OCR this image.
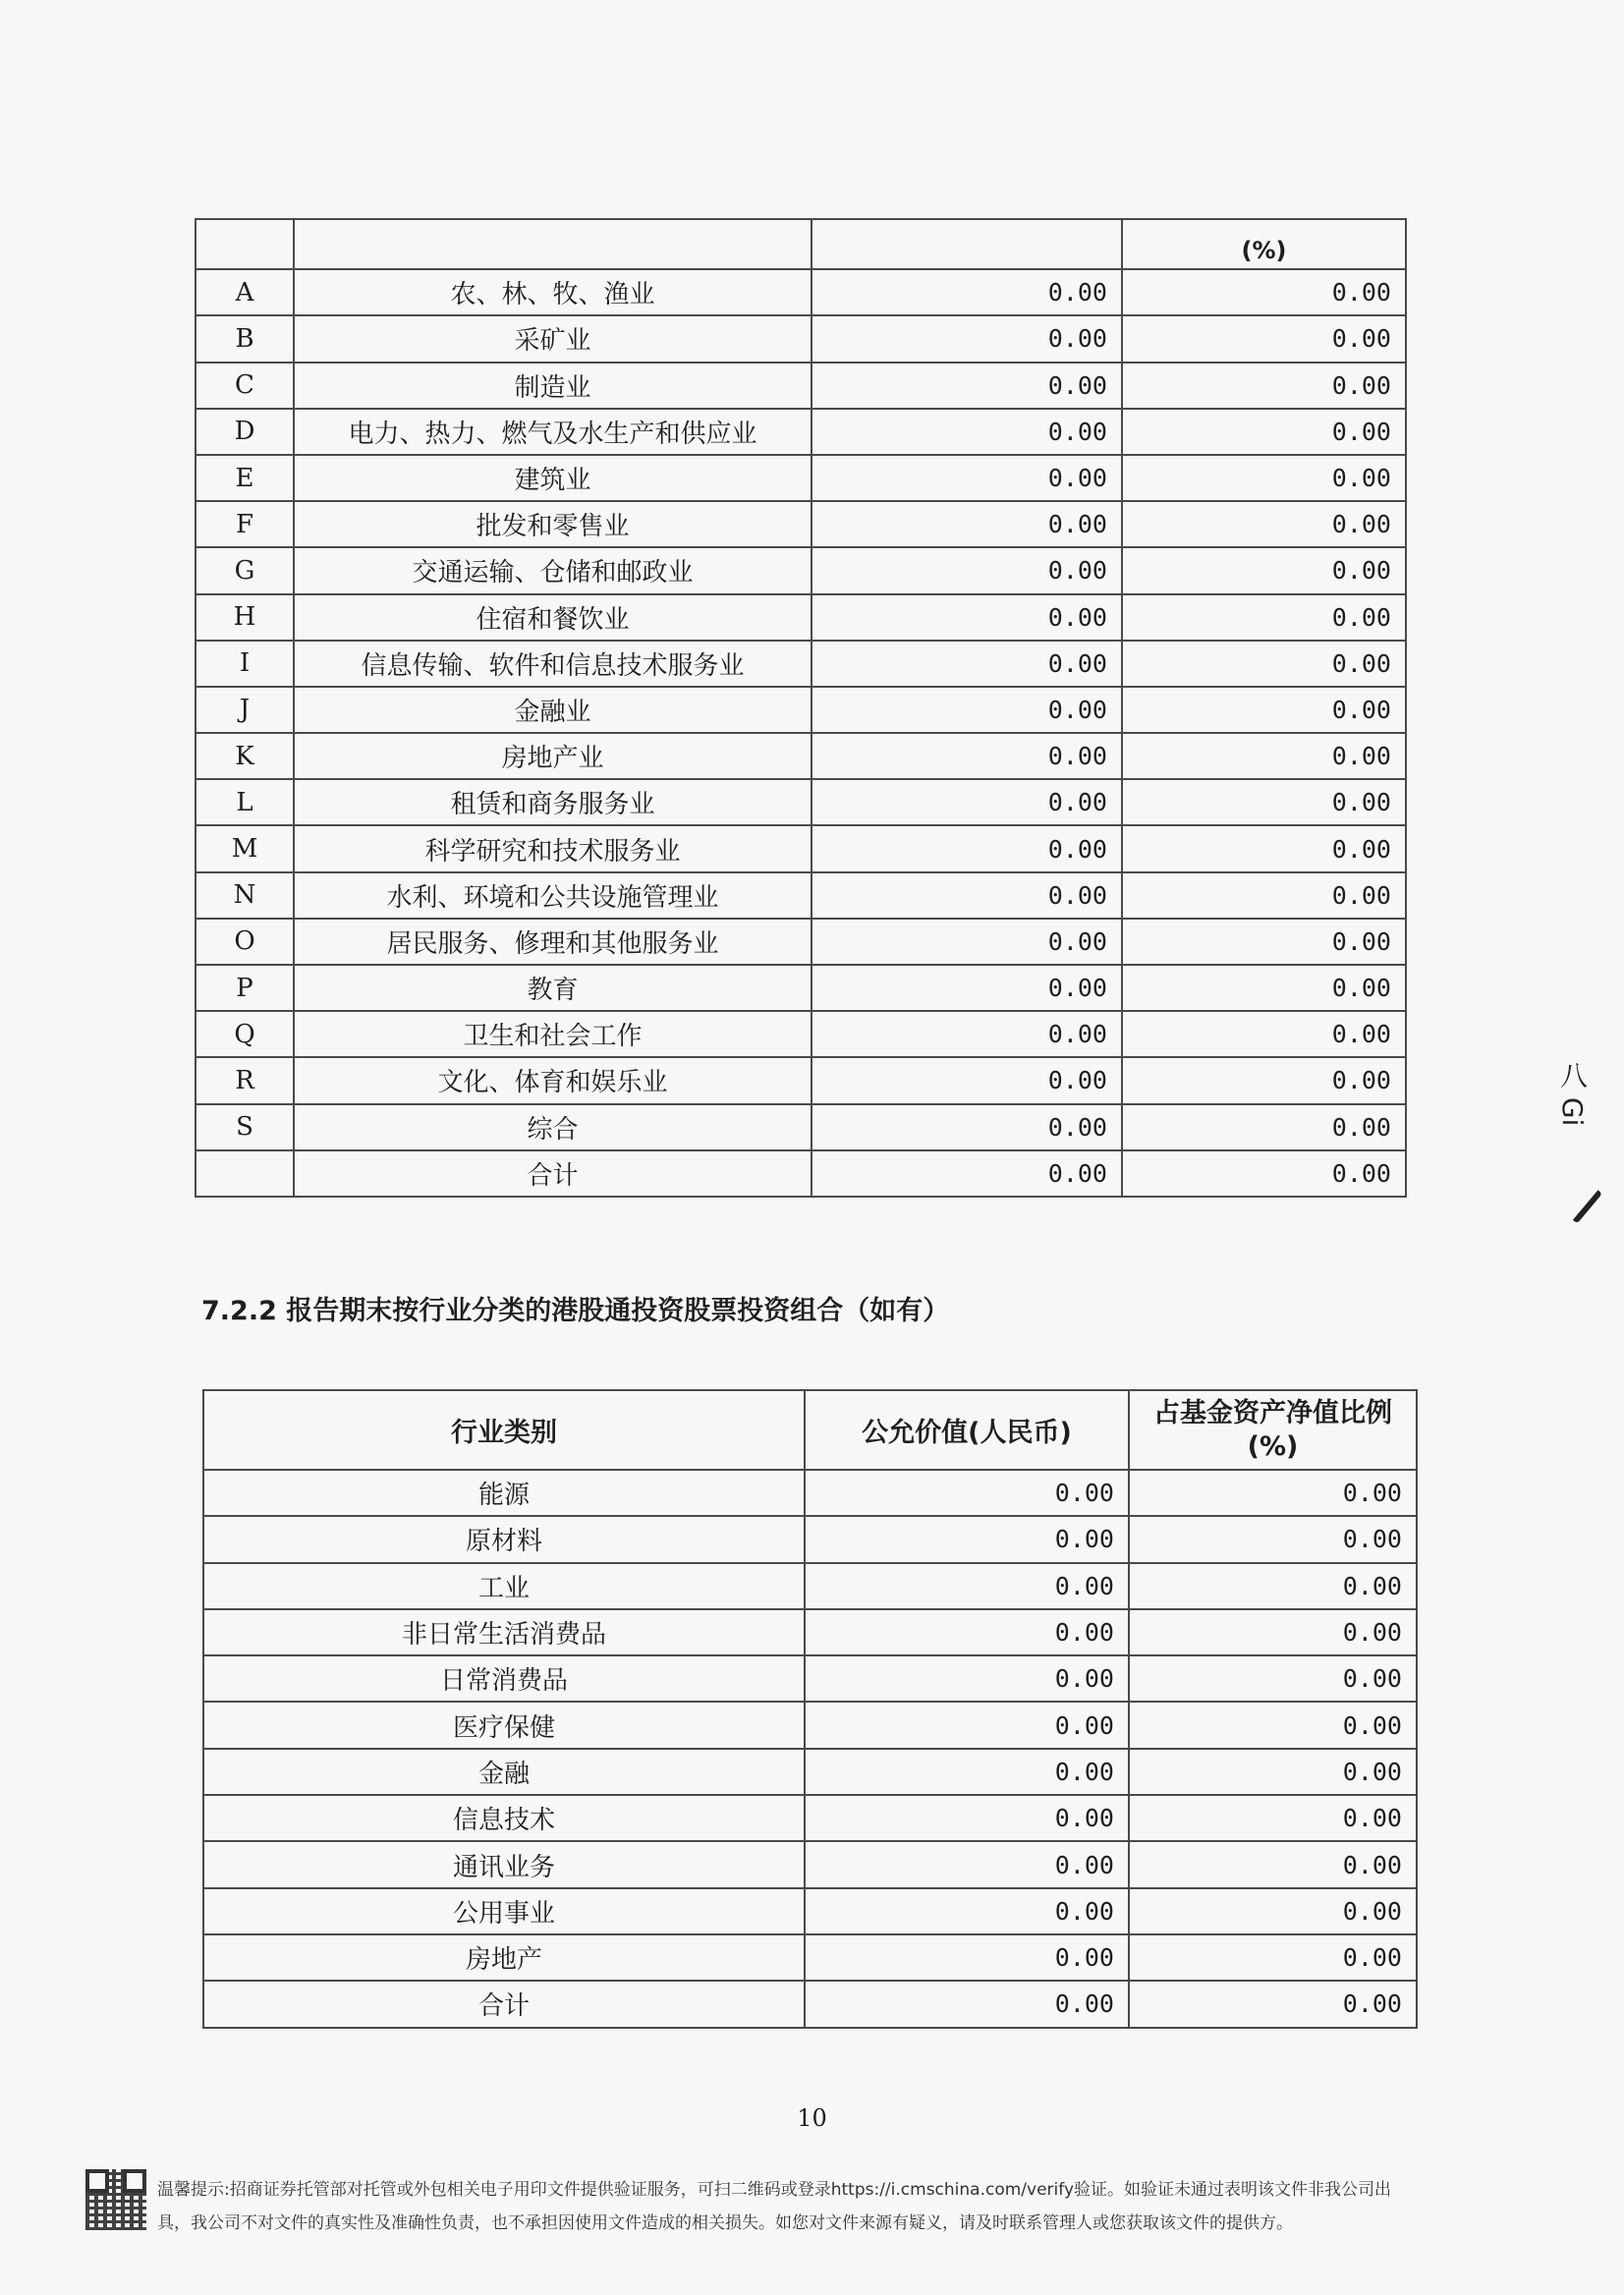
			(%)
A	农、林、牧、渔业	0.00	0.00
B	采矿业	0.00	0.00
C	制造业	0.00	0.00
D	电力、热力、燃气及水生产和供应业	0.00	0.00
E	建筑业	0.00	0.00
F	批发和零售业	0.00	0.00
G	交通运输、仓储和邮政业	0.00	0.00
H	住宿和餐饮业	0.00	0.00
I	信息传输、软件和信息技术服务业	0.00	0.00
J	金融业	0.00	0.00
K	房地产业	0.00	0.00
L	租赁和商务服务业	0.00	0.00
M	科学研究和技术服务业	0.00	0.00
N	水利、环境和公共设施管理业	0.00	0.00
O	居民服务、修理和其他服务业	0.00	0.00
P	教育	0.00	0.00
Q	卫生和社会工作	0.00	0.00
R	文化、体育和娱乐业	0.00	0.00
S	综合	0.00	0.00
	合计	0.00	0.00
7.2.2 报告期末按行业分类的港股通投资股票投资组合（如有）
行业类别	公允价值(人民币)	占基金资产净值比例
(%)

能源	0.00	0.00
原材料	0.00	0.00
工业	0.00	0.00
非日常生活消费品	0.00	0.00
日常消费品	0.00	0.00
医疗保健	0.00	0.00
金融	0.00	0.00
信息技术	0.00	0.00
通讯业务	0.00	0.00
公用事业	0.00	0.00
房地产	0.00	0.00
合计	0.00	0.00
10
温馨提示:招商证券托管部对托管或外包相关电子用印文件提供验证服务，可扫二维码或登录https://i.cmschina.com/verify验证。如验证未通过表明该文件非我公司出
具，我公司不对文件的真实性及准确性负责，也不承担因使用文件造成的相关损失。如您对文件来源有疑义，请及时联系管理人或您获取该文件的提供方。
八 Gi
